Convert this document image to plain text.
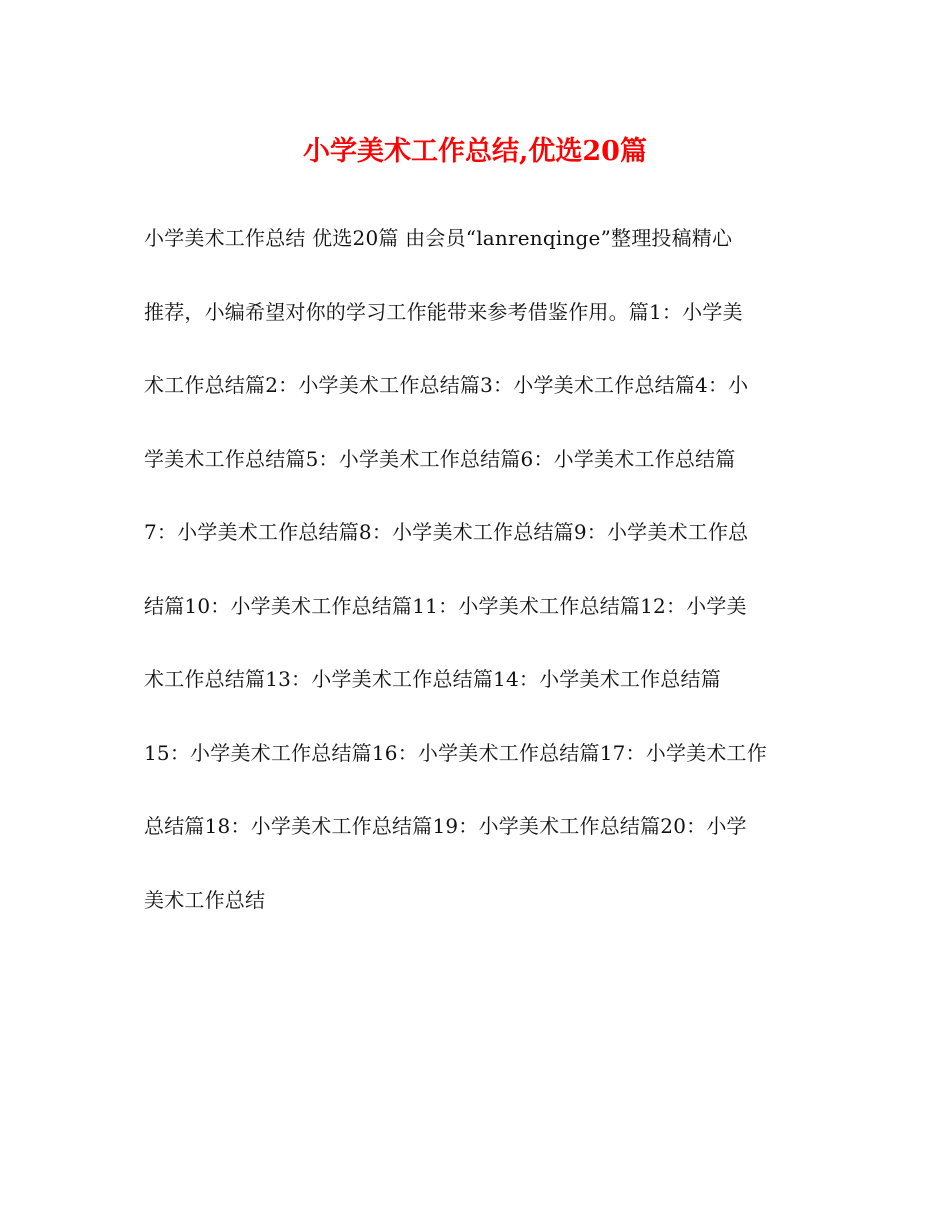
小学美术工作总结,优选20篇
小学美术工作总结 优选20篇 由会员“lanrenqinge”整理投稿精心
推荐，小编希望对你的学习工作能带来参考借鉴作用。篇1：小学美
术工作总结篇2：小学美术工作总结篇3：小学美术工作总结篇4：小
学美术工作总结篇5：小学美术工作总结篇6：小学美术工作总结篇
7：小学美术工作总结篇8：小学美术工作总结篇9：小学美术工作总
结篇10：小学美术工作总结篇11：小学美术工作总结篇12：小学美
术工作总结篇13：小学美术工作总结篇14：小学美术工作总结篇
15：小学美术工作总结篇16：小学美术工作总结篇17：小学美术工作
总结篇18：小学美术工作总结篇19：小学美术工作总结篇20：小学
美术工作总结
